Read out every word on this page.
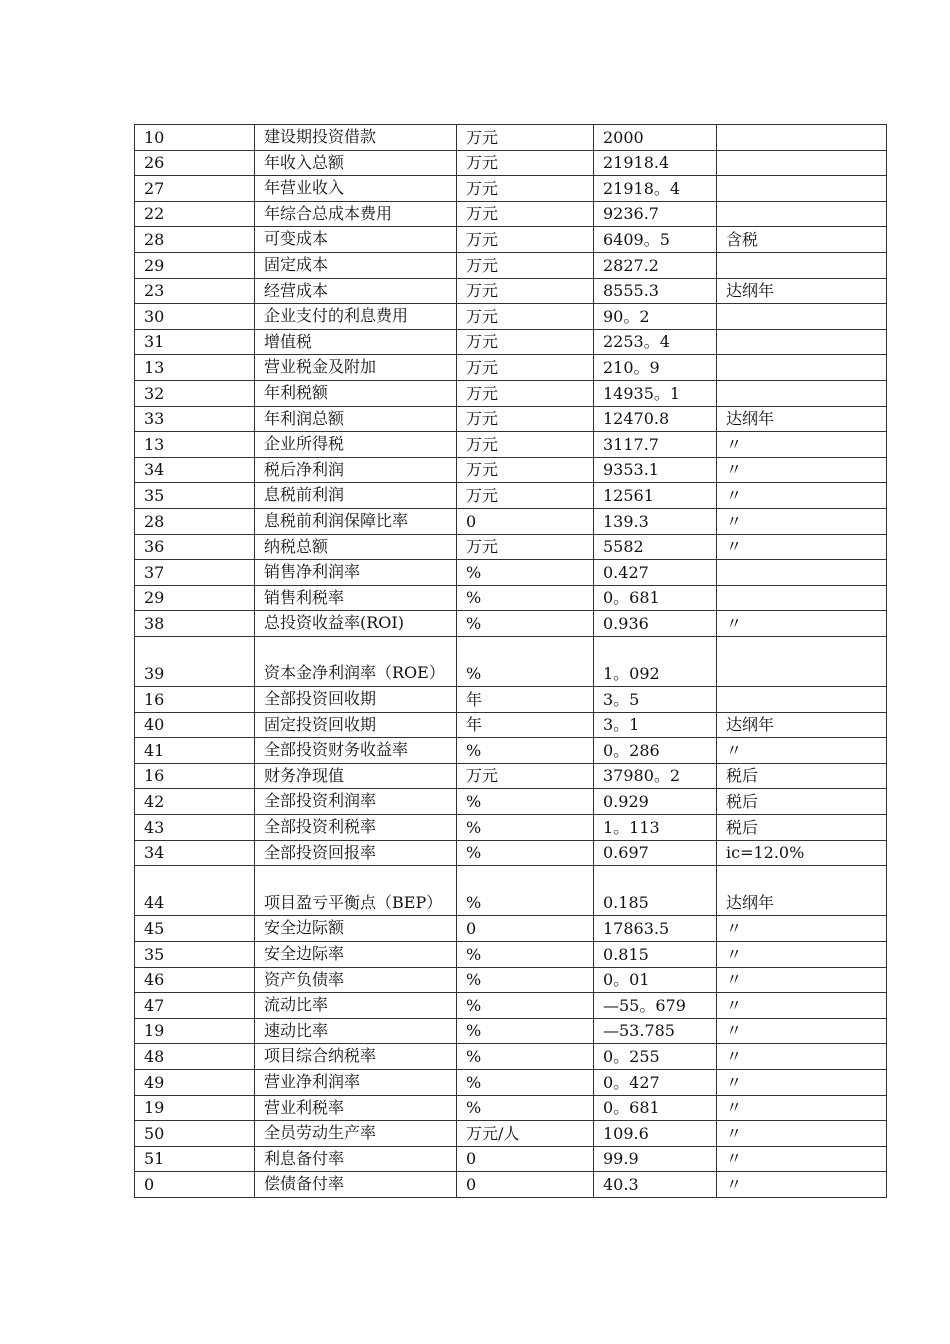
10	建设期投资借款	万元	2000	
26	年收入总额	万元	21918.4	
27	年营业收入	万元	21918。4	
22	年综合总成本费用	万元	9236.7	
28	可变成本	万元	6409。5	含税
29	固定成本	万元	2827.2	
23	经营成本	万元	8555.3	达纲年
30	企业支付的利息费用	万元	90。2	
31	增值税	万元	2253。4	
13	营业税金及附加	万元	210。9	
32	年利税额	万元	14935。1	
33	年利润总额	万元	12470.8	达纲年
13	企业所得税	万元	3117.7	〃
34	税后净利润	万元	9353.1	〃
35	息税前利润	万元	12561	〃
28	息税前利润保障比率	0	139.3	〃
36	纳税总额	万元	5582	〃
37	销售净利润率	%	0.427	
29	销售利税率	%	0。681	
38	总投资收益率(ROI)	%	0.936	〃
39	资本金净利润率（ROE）	%	1。092	
16	全部投资回收期	年	3。5	
40	固定投资回收期	年	3。1	达纲年
41	全部投资财务收益率	%	0。286	〃
16	财务净现值	万元	37980。2	税后
42	全部投资利润率	%	0.929	税后
43	全部投资利税率	%	1。113	税后
34	全部投资回报率	%	0.697	ic=12.0%
44	项目盈亏平衡点（BEP）	%	0.185	达纲年
45	安全边际额	0	17863.5	〃
35	安全边际率	%	0.815	〃
46	资产负债率	%	0。01	〃
47	流动比率	%	—55。679	〃
19	速动比率	%	—53.785	〃
48	项目综合纳税率	%	0。255	〃
49	营业净利润率	%	0。427	〃
19	营业利税率	%	0。681	〃
50	全员劳动生产率	万元/人	109.6	〃
51	利息备付率	0	99.9	〃
0	偿债备付率	0	40.3	〃
